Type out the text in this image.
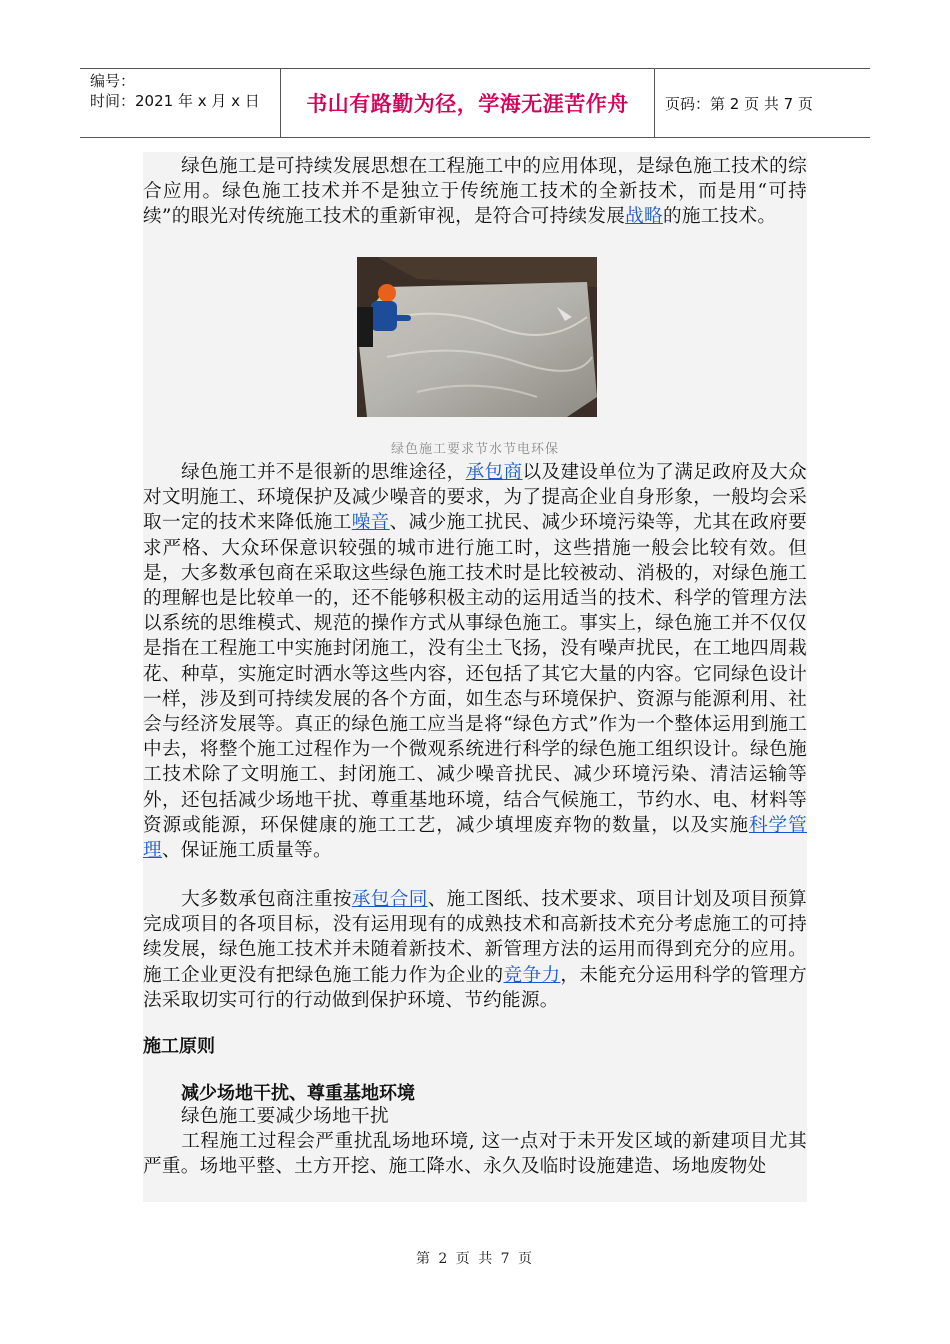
编号：
时间：2021 年 x 月 x 日	书山有路勤为径，学海无涯苦作舟	页码：第 2 页 共 7 页

绿色施工是可持续发展思想在工程施工中的应用体现，是绿色施工技术的综合应用。绿色施工技术并不是独立于传统施工技术的全新技术，而是用“可持续”的眼光对传统施工技术的重新审视，是符合可持续发展战略的施工技术。

绿色施工要求节水节电环保

绿色施工并不是很新的思维途径，承包商以及建设单位为了满足政府及大众对文明施工、环境保护及减少噪音的要求，为了提高企业自身形象，一般均会采取一定的技术来降低施工噪音、减少施工扰民、减少环境污染等，尤其在政府要求严格、大众环保意识较强的城市进行施工时，这些措施一般会比较有效。但是，大多数承包商在采取这些绿色施工技术时是比较被动、消极的，对绿色施工的理解也是比较单一的，还不能够积极主动的运用适当的技术、科学的管理方法以系统的思维模式、规范的操作方式从事绿色施工。事实上，绿色施工并不仅仅是指在工程施工中实施封闭施工，没有尘土飞扬，没有噪声扰民，在工地四周栽花、种草，实施定时洒水等这些内容，还包括了其它大量的内容。它同绿色设计一样，涉及到可持续发展的各个方面，如生态与环境保护、资源与能源利用、社会与经济发展等。真正的绿色施工应当是将“绿色方式”作为一个整体运用到施工中去，将整个施工过程作为一个微观系统进行科学的绿色施工组织设计。绿色施工技术除了文明施工、封闭施工、减少噪音扰民、减少环境污染、清洁运输等外，还包括减少场地干扰、尊重基地环境，结合气候施工，节约水、电、材料等资源或能源，环保健康的施工工艺，减少填埋废弃物的数量，以及实施科学管理、保证施工质量等。

大多数承包商注重按承包合同、施工图纸、技术要求、项目计划及项目预算完成项目的各项目标，没有运用现有的成熟技术和高新技术充分考虑施工的可持续发展，绿色施工技术并未随着新技术、新管理方法的运用而得到充分的应用。施工企业更没有把绿色施工能力作为企业的竞争力，未能充分运用科学的管理方法采取切实可行的行动做到保护环境、节约能源。

施工原则
减少场地干扰、尊重基地环境

绿色施工要减少场地干扰

工程施工过程会严重扰乱场地环境, 这一点对于未开发区域的新建项目尤其严重。场地平整、土方开挖、施工降水、永久及临时设施建造、场地废物处

第 2 页 共 7 页
